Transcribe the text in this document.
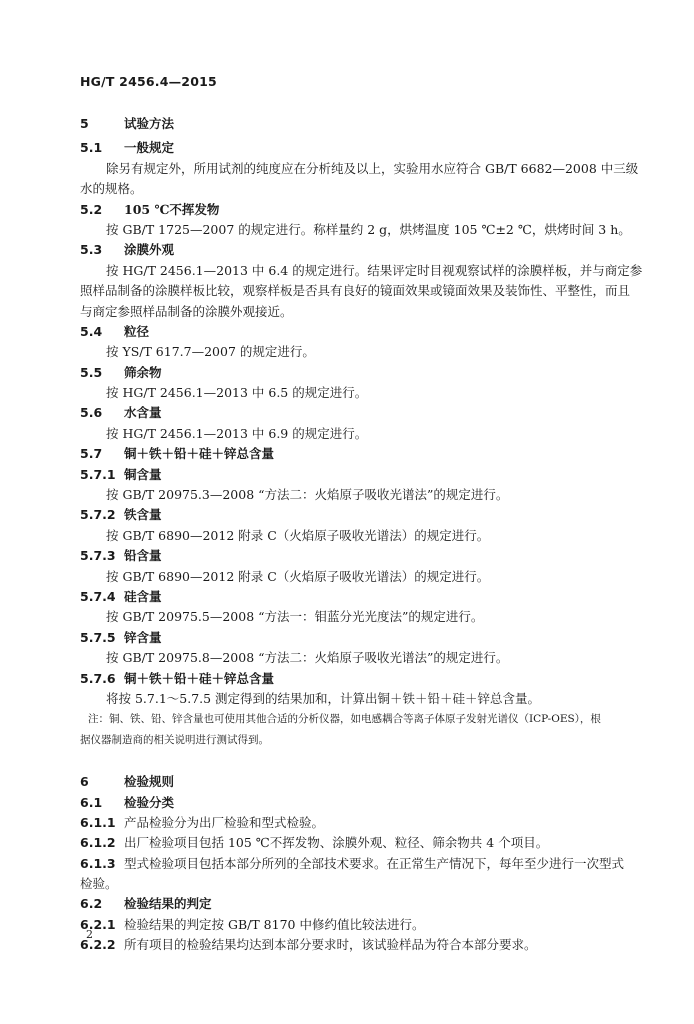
HG/T 2456.4—2015
5	试验方法
5.1 一般规定
除另有规定外，所用试剂的纯度应在分析纯及以上，实验用水应符合 GB/T 6682—2008 中三级
水的规格。
5.2 105 ℃不挥发物
按 GB/T 1725—2007 的规定进行。称样量约 2 g，烘烤温度 105 ℃±2 ℃，烘烤时间 3 h。
5.3 涂膜外观
按 HG/T 2456.1—2013 中 6.4 的规定进行。结果评定时目视观察试样的涂膜样板，并与商定参
照样品制备的涂膜样板比较，观察样板是否具有良好的镜面效果或镜面效果及装饰性、平整性，而且
与商定参照样品制备的涂膜外观接近。
5.4 粒径
按 YS/T 617.7—2007 的规定进行。
5.5 筛余物
按 HG/T 2456.1—2013 中 6.5 的规定进行。
5.6 水含量
按 HG/T 2456.1—2013 中 6.9 的规定进行。
5.7 铜＋铁＋铅＋硅＋锌总含量
5.7.1 铜含量
按 GB/T 20975.3—2008 “方法二：火焰原子吸收光谱法”的规定进行。
5.7.2 铁含量
按 GB/T 6890—2012 附录 C（火焰原子吸收光谱法）的规定进行。
5.7.3 铅含量
按 GB/T 6890—2012 附录 C（火焰原子吸收光谱法）的规定进行。
5.7.4 硅含量
按 GB/T 20975.5—2008 “方法一：钼蓝分光光度法”的规定进行。
5.7.5 锌含量
按 GB/T 20975.8—2008 “方法二：火焰原子吸收光谱法”的规定进行。
5.7.6 铜＋铁＋铅＋硅＋锌总含量
将按 5.7.1～5.7.5 测定得到的结果加和，计算出铜＋铁＋铅＋硅＋锌总含量。
注：铜、铁、铅、锌含量也可使用其他合适的分析仪器，如电感耦合等离子体原子发射光谱仪（ICP-OES），根
据仪器制造商的相关说明进行测试得到。
6	检验规则
6.1 检验分类
6.1.1 产品检验分为出厂检验和型式检验。
6.1.2 出厂检验项目包括 105 ℃不挥发物、涂膜外观、粒径、筛余物共 4 个项目。
6.1.3 型式检验项目包括本部分所列的全部技术要求。在正常生产情况下，每年至少进行一次型式
检验。
6.2 检验结果的判定
6.2.1 检验结果的判定按 GB/T 8170 中修约值比较法进行。
6.2.2 所有项目的检验结果均达到本部分要求时，该试验样品为符合本部分要求。
2
